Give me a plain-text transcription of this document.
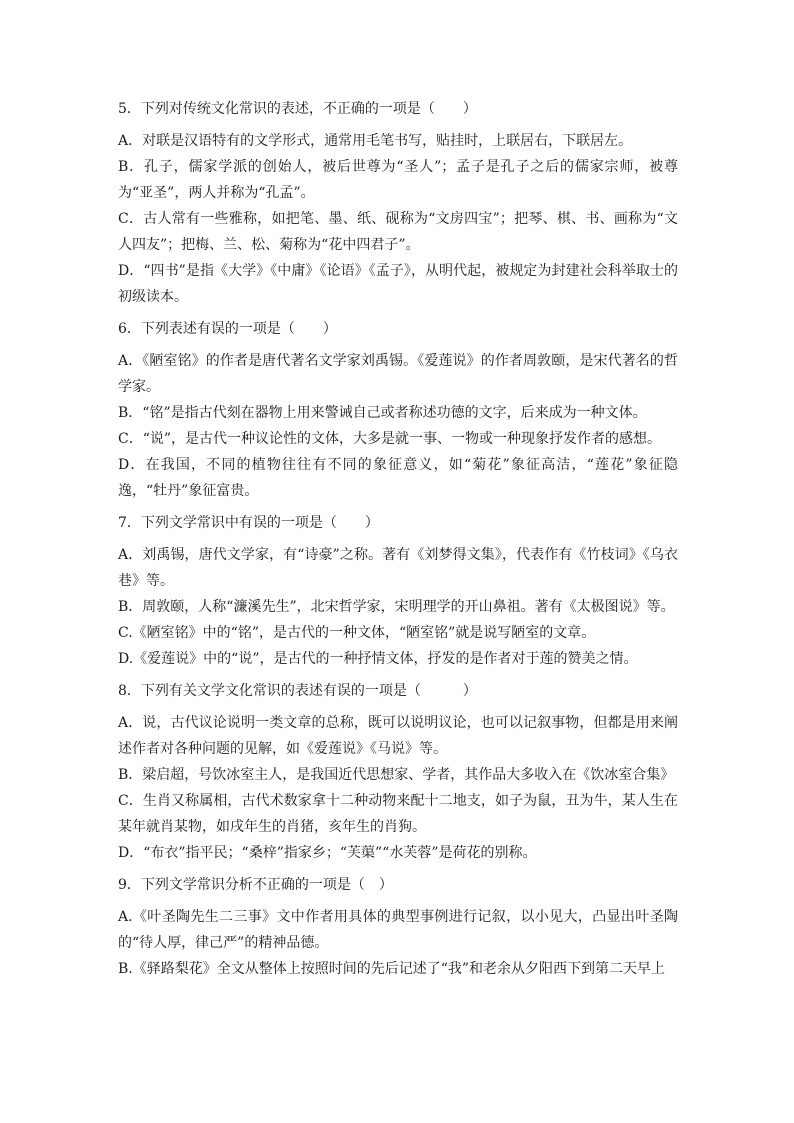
5．下列对传统文化常识的表述，不正确的一项是（　　）

A．对联是汉语特有的文学形式，通常用毛笔书写，贴挂时，上联居右，下联居左。

B．孔子，儒家学派的创始人，被后世尊为“圣人”；孟子是孔子之后的儒家宗师，被尊为“亚圣”，两人并称为“孔孟”。

C．古人常有一些雅称，如把笔、墨、纸、砚称为“文房四宝”；把琴、棋、书、画称为“文人四友”；把梅、兰、松、菊称为“花中四君子”。

D．“四书”是指《大学》《中庸》《论语》《孟子》，从明代起，被规定为封建社会科举取士的初级读本。

6．下列表述有误的一项是（　　）

A．《陋室铭》的作者是唐代著名文学家刘禹锡。《爱莲说》的作者周敦颐，是宋代著名的哲学家。

B．“铭”是指古代刻在器物上用来警诫自己或者称述功德的文字，后来成为一种文体。

C．“说”，是古代一种议论性的文体，大多是就一事、一物或一种现象抒发作者的感想。

D．在我国，不同的植物往往有不同的象征意义，如“菊花”象征高洁，“莲花”象征隐逸，“牡丹”象征富贵。

7．下列文学常识中有误的一项是（　　）

A．刘禹锡，唐代文学家，有“诗豪”之称。著有《刘梦得文集》，代表作有《竹枝词》《乌衣巷》等。

B．周敦颐，人称“濂溪先生”，北宋哲学家，宋明理学的开山鼻祖。著有《太极图说》等。

C.《陋室铭》中的“铭”，是古代的一种文体，“陋室铭”就是说写陋室的文章。

D.《爱莲说》中的“说”，是古代的一种抒情文体，抒发的是作者对于莲的赞美之情。

8．下列有关文学文化常识的表述有误的一项是（　　　）

A．说，古代议论说明一类文章的总称，既可以说明议论，也可以记叙事物，但都是用来阐述作者对各种问题的见解，如《爱莲说》《马说》等。

B．梁启超，号饮冰室主人，是我国近代思想家、学者，其作品大多收入在《饮冰室合集》

C．生肖又称属相，古代术数家拿十二种动物来配十二地支，如子为鼠，丑为牛，某人生在某年就肖某物，如戌年生的肖猪，亥年生的肖狗。

D．“布衣”指平民；“桑梓”指家乡；“芙蕖”“水芙蓉”是荷花的别称。

9．下列文学常识分析不正确的一项是（　）

A.《叶圣陶先生二三事》文中作者用具体的典型事例进行记叙，以小见大，凸显出叶圣陶的“待人厚，律己严”的精神品德。

B.《驿路梨花》全文从整体上按照时间的先后记述了“我”和老余从夕阳西下到第二天早上
